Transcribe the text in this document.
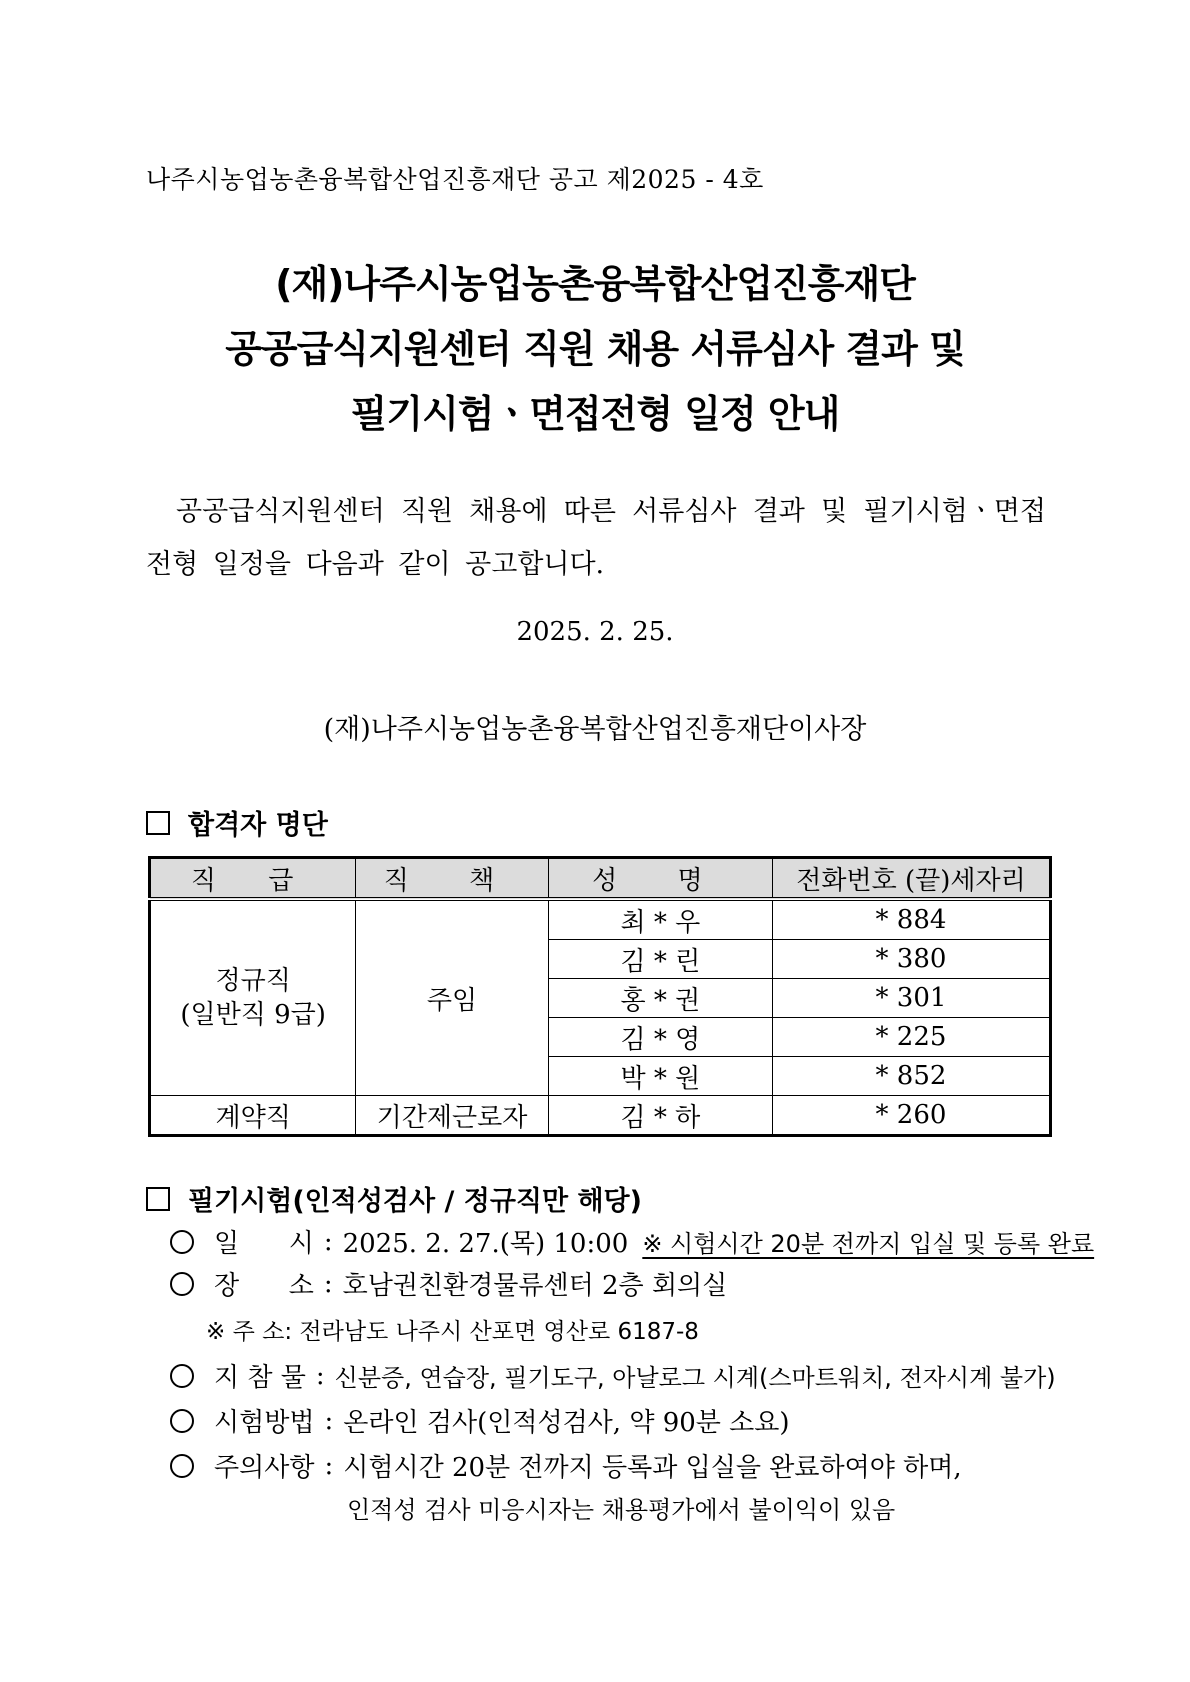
나주시농업농촌융복합산업진흥재단 공고 제2025 - 4호
(재)나주시농업농촌융복합산업진흥재단
공공급식지원센터 직원 채용 서류심사 결과 및
필기시험ㆍ면접전형 일정 안내
공공급식지원센터 직원 채용에 따른 서류심사 결과 및 필기시험ㆍ면접전형 일정을 다음과 같이 공고합니다.
2025. 2. 25.
(재)나주시농업농촌융복합산업진흥재단이사장
합격자 명단
직 급	직 책	성 명	전화번호 (끝)세자리

정규직
(일반직 9급)	주임	최 * 우	* 884
		김 * 린	* 380
		홍 * 권	* 301
		김 * 영	* 225
		박 * 원	* 852
계약직	기간제근로자	김 * 하	* 260
필기시험(인적성검사 / 정규직만 해당)
일      시 : 2025. 2. 27.(목) 10:00 ※ 시험시간 20분 전까지 입실 및 등록 완료
장      소 : 호남권친환경물류센터 2층 회의실
※ 주 소: 전라남도 나주시 산포면 영산로 6187-8
지 참 물 : 신분증, 연습장, 필기도구, 아날로그 시계(스마트워치, 전자시계 불가)
시험방법 : 온라인 검사(인적성검사, 약 90분 소요)
주의사항 : 시험시간 20분 전까지 등록과 입실을 완료하여야 하며,
인적성 검사 미응시자는 채용평가에서 불이익이 있음
